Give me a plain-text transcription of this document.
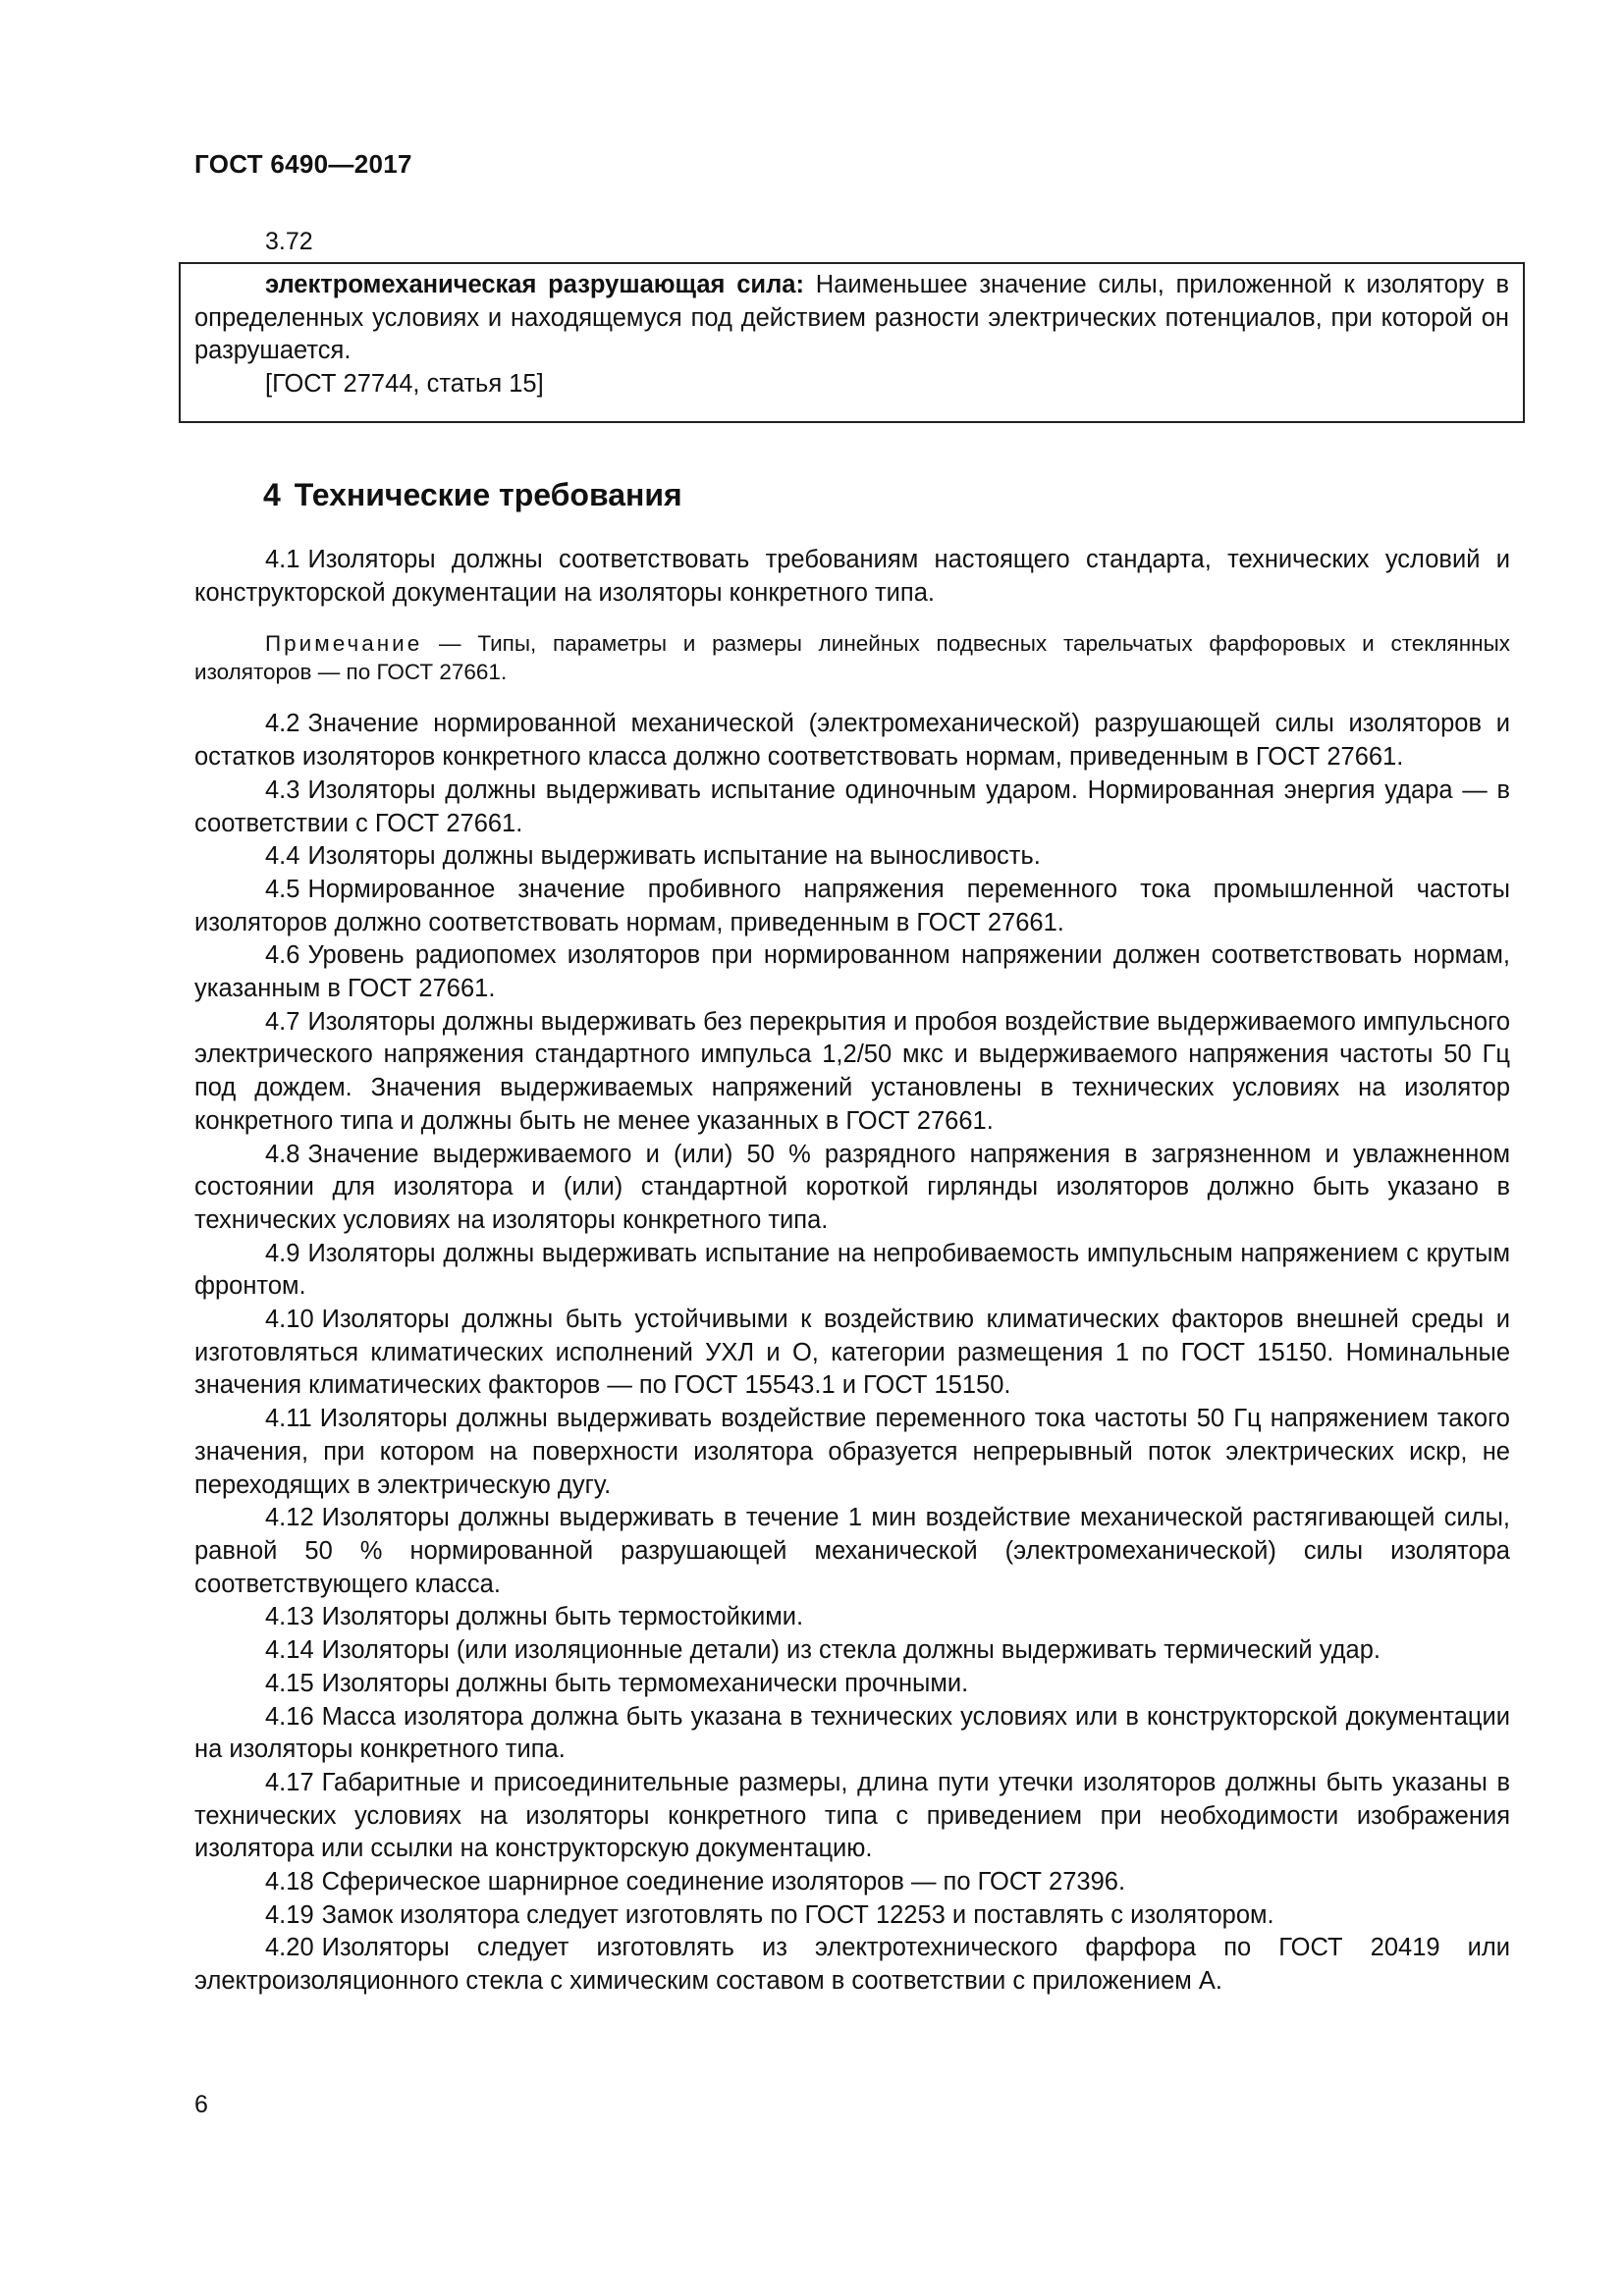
ГОСТ 6490—2017
3.72

электромеханическая разрушающая сила: Наименьшее значение силы, приложенной к изолятору в определенных условиях и находящемуся под действием разности электрических потенциалов, при которой он разрушается.

[ГОСТ 27744, статья 15]

4 Технические требования

4.1 Изоляторы должны соответствовать требованиям настоящего стандарта, технических условий и конструкторской документации на изоляторы конкретного типа.

Примечание — Типы, параметры и размеры линейных подвесных тарельчатых фарфоровых и стеклянных изоляторов — по ГОСТ 27661.

4.2 Значение нормированной механической (электромеханической) разрушающей силы изоляторов и остатков изоляторов конкретного класса должно соответствовать нормам, приведенным в ГОСТ 27661.

4.3 Изоляторы должны выдерживать испытание одиночным ударом. Нормированная энергия удара — в соответствии с ГОСТ 27661.

4.4 Изоляторы должны выдерживать испытание на выносливость.

4.5 Нормированное значение пробивного напряжения переменного тока промышленной частоты изоляторов должно соответствовать нормам, приведенным в ГОСТ 27661.

4.6 Уровень радиопомех изоляторов при нормированном напряжении должен соответствовать нормам, указанным в ГОСТ 27661.

4.7 Изоляторы должны выдерживать без перекрытия и пробоя воздействие выдерживаемого импульсного электрического напряжения стандартного импульса 1,2/50 мкс и выдерживаемого напряжения частоты 50 Гц под дождем. Значения выдерживаемых напряжений установлены в технических условиях на изолятор конкретного типа и должны быть не менее указанных в ГОСТ 27661.

4.8 Значение выдерживаемого и (или) 50 % разрядного напряжения в загрязненном и увлажненном состоянии для изолятора и (или) стандартной короткой гирлянды изоляторов должно быть указано в технических условиях на изоляторы конкретного типа.

4.9 Изоляторы должны выдерживать испытание на непробиваемость импульсным напряжением с крутым фронтом.

4.10 Изоляторы должны быть устойчивыми к воздействию климатических факторов внешней среды и изготовляться климатических исполнений УХЛ и О, категории размещения 1 по ГОСТ 15150. Номинальные значения климатических факторов — по ГОСТ 15543.1 и ГОСТ 15150.

4.11 Изоляторы должны выдерживать воздействие переменного тока частоты 50 Гц напряжением такого значения, при котором на поверхности изолятора образуется непрерывный поток электрических искр, не переходящих в электрическую дугу.

4.12 Изоляторы должны выдерживать в течение 1 мин воздействие механической растягивающей силы, равной 50 % нормированной разрушающей механической (электромеханической) силы изолятора соответствующего класса.

4.13 Изоляторы должны быть термостойкими.

4.14 Изоляторы (или изоляционные детали) из стекла должны выдерживать термический удар.

4.15 Изоляторы должны быть термомеханически прочными.

4.16 Масса изолятора должна быть указана в технических условиях или в конструкторской документации на изоляторы конкретного типа.

4.17 Габаритные и присоединительные размеры, длина пути утечки изоляторов должны быть указаны в технических условиях на изоляторы конкретного типа с приведением при необходимости изображения изолятора или ссылки на конструкторскую документацию.

4.18 Сферическое шарнирное соединение изоляторов — по ГОСТ 27396.

4.19 Замок изолятора следует изготовлять по ГОСТ 12253 и поставлять с изолятором.

4.20 Изоляторы следует изготовлять из электротехнического фарфора по ГОСТ 20419 или электроизоляционного стекла с химическим составом в соответствии с приложением А.

6
